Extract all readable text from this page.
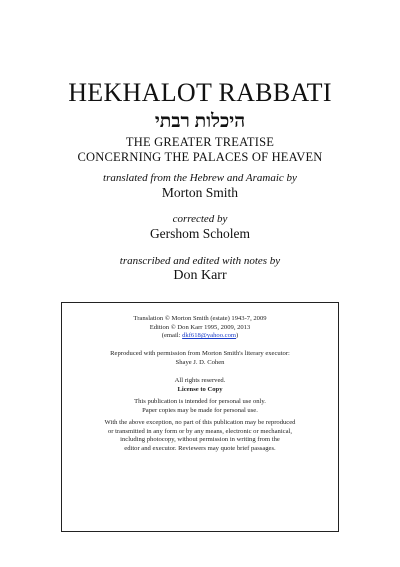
HEKHALOT RABBATI
היכלות רבתי
THE GREATER TREATISE
CONCERNING THE PALACES OF HEAVEN
translated from the Hebrew and Aramaic by
Morton Smith
corrected by
Gershom Scholem
transcribed and edited with notes by
Don Karr
Translation © Morton Smith (estate) 1943-7, 2009
Edition © Don Karr 1995, 2009, 2013
(email: dkf618@yahoo.com)
Reproduced with permission from Morton Smith's literary executor:
Shaye J. D. Cohen
All rights reserved.
License to Copy
This publication is intended for personal use only.
Paper copies may be made for personal use.
With the above exception, no part of this publication may be reproduced
or transmitted in any form or by any means, electronic or mechanical,
including photocopy, without permission in writing from the
editor and executor. Reviewers may quote brief passages.
